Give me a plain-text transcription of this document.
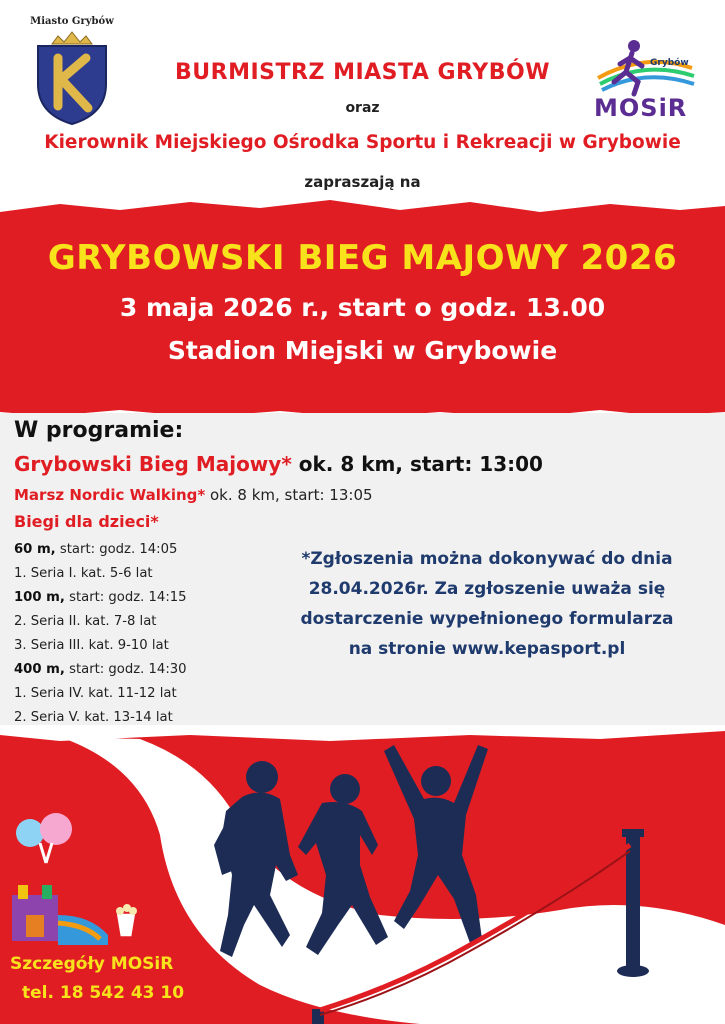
Miasto Grybów
Grybów
MOSiR
BURMISTRZ MIASTA GRYBÓW
oraz
Kierownik Miejskiego Ośrodka Sportu i Rekreacji w Grybowie
zapraszają na
GRYBOWSKI BIEG MAJOWY 2026
3 maja 2026 r., start o godz. 13.00
Stadion Miejski w Grybowie
W programie:
Grybowski Bieg Majowy* ok. 8 km, start: 13:00
Marsz Nordic Walking* ok. 8 km, start: 13:05
Biegi dla dzieci*
60 m, start: godz. 14:05
1. Seria I. kat. 5-6 lat
100 m, start: godz. 14:15
2. Seria II. kat. 7-8 lat
3. Seria III. kat. 9-10 lat
400 m, start: godz. 14:30
1. Seria IV. kat. 11-12 lat
2. Seria V. kat. 13-14 lat
*Zgłoszenia można dokonywać do dnia
28.04.2026r. Za zgłoszenie uważa się
dostarczenie wypełnionego formularza
na stronie www.kepasport.pl
Szczegóły MOSiR
tel. 18 542 43 10
